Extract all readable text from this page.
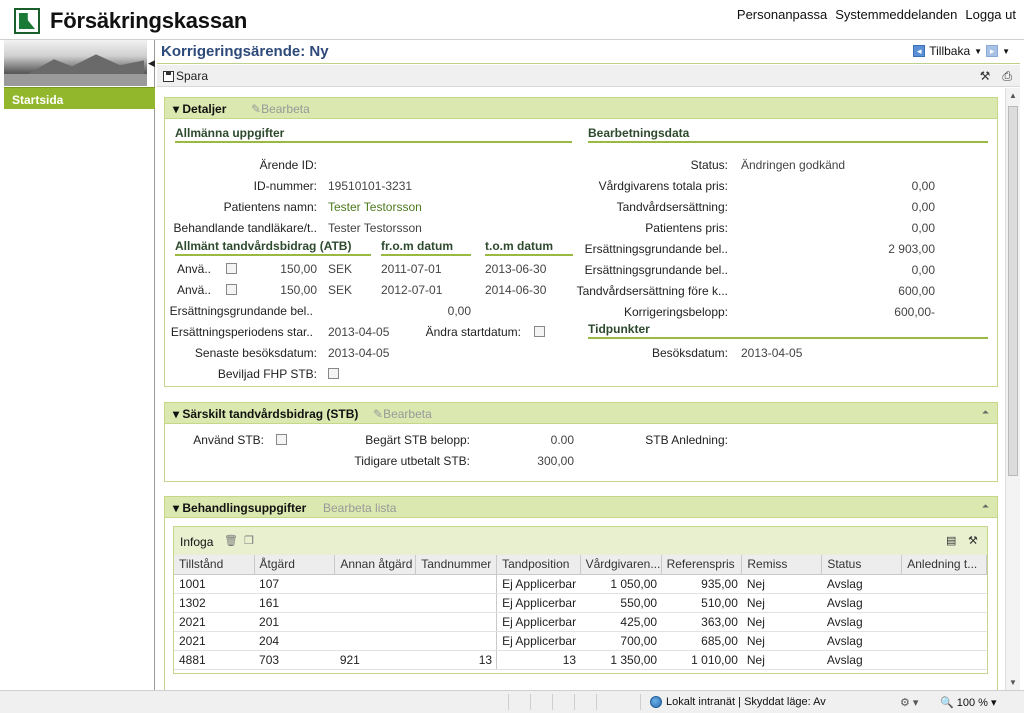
Försäkringskassan	Personanpassa Systemmeddelanden Logga ut
◀
Startsida
Korrigeringsärende: Ny	◂ Tillbaka ▼ ▸ ▼
Spara	⚒ ⎙
▾ Detaljer ✎Bearbeta
Allmänna uppgifter	Bearbetningsdata
Ärende ID:
ID-nummer: 19510101-3231
Patientens namn: Tester Testorsson
Behandlande tandläkare/t.. Tester Testorsson
Allmänt tandvårdsbidrag (ATB)	fr.o.m datum	t.o.m datum
Anvä..	150,00 SEK 2011-07-01	2013-06-30
Anvä..	150,00 SEK 2012-07-01	2014-06-30
Ersättningsgrundande bel..	0,00
Ersättningsperiodens star.. 2013-04-05	Ändra startdatum:
Senaste besöksdatum: 2013-04-05
Beviljad FHP STB:
Status: Ändringen godkänd
Vårdgivarens totala pris:	0,00
Tandvårdsersättning:	0,00
Patientens pris:	0,00
Ersättningsgrundande bel..	2 903,00
Ersättningsgrundande bel..	0,00
Tandvårdsersättning före k...	600,00
Korrigeringsbelopp:	600,00-
Tidpunkter
Besöksdatum: 2013-04-05
▾ Särskilt tandvårdsbidrag (STB) ✎Bearbeta	⏶
Använd STB:	Begärt STB belopp:	0.00
Tidigare utbetalt STB:	300,00
STB Anledning:
▾ Behandlingsuppgifter Bearbeta lista	⏶
Infoga 🗑 ❐	▤ ⚒
Tillstånd	Åtgärd	Annan åtgärd	Tandnummer	Tandposition	Vårdgivaren...	Referenspris	Remiss	Status	Anledning t...
1001	107			Ej Applicerbar	1 050,00	935,00	Nej	Avslag	
1302	161			Ej Applicerbar	550,00	510,00	Nej	Avslag	
2021	201			Ej Applicerbar	425,00	363,00	Nej	Avslag	
2021	204			Ej Applicerbar	700,00	685,00	Nej	Avslag	
4881	703	921	13	13	1 350,00	1 010,00	Nej	Avslag	
▲
▼
Lokalt intranät | Skyddat läge: Av	⚙ ▾ 🔍 100 % ▾
